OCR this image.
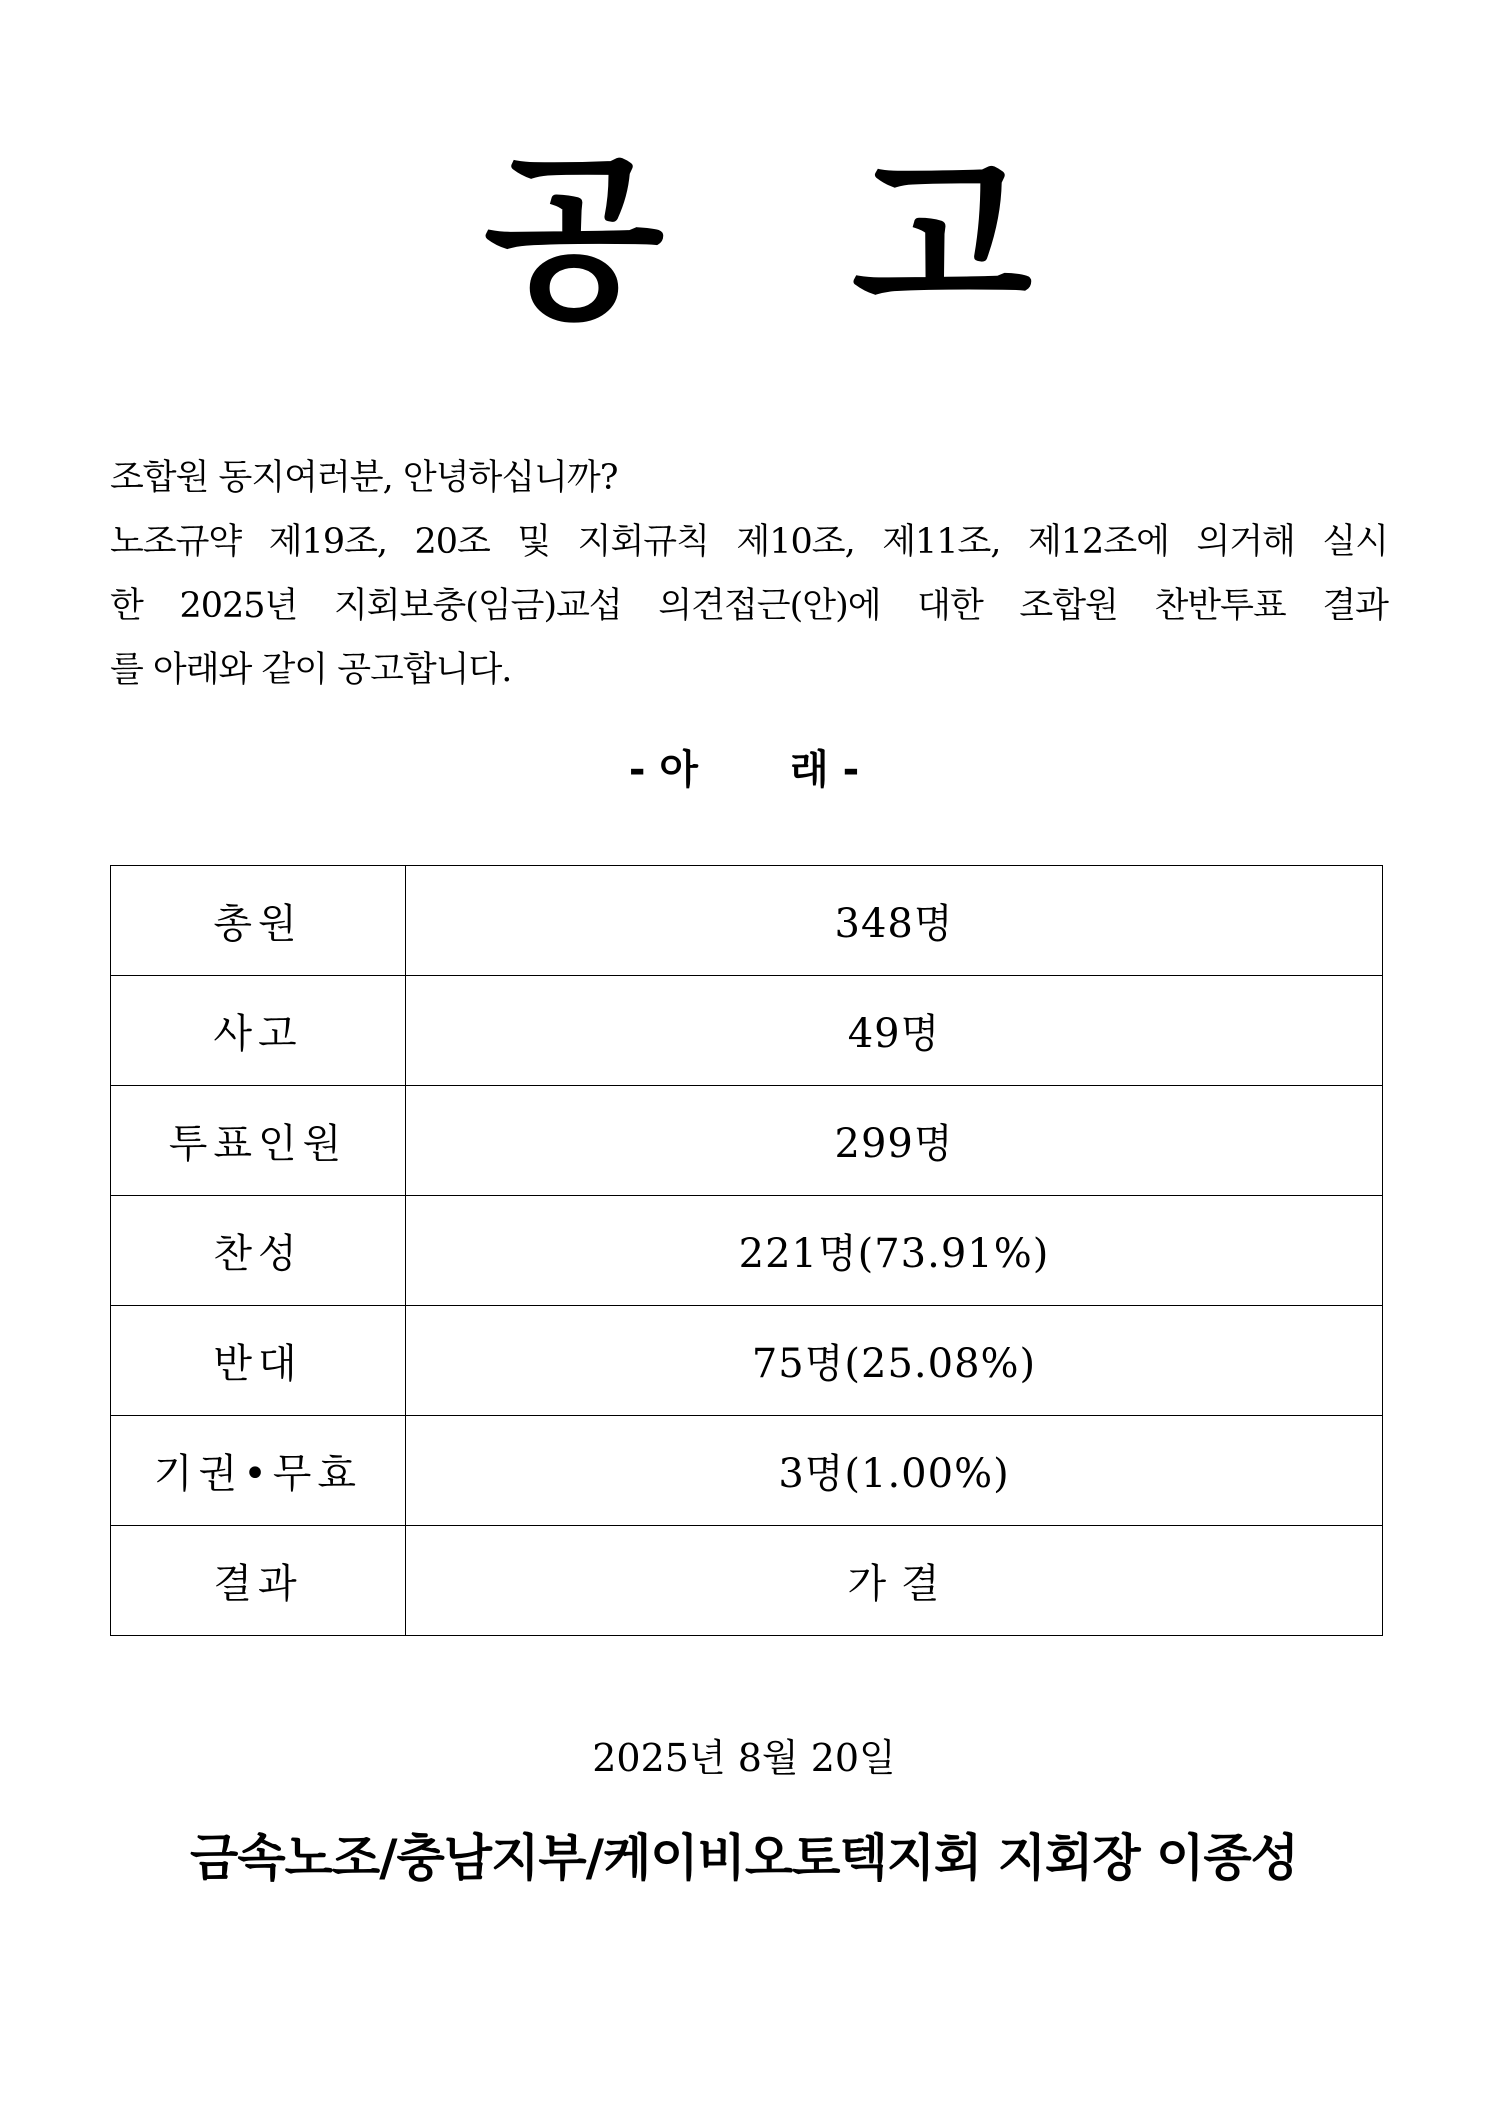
공 고

조합원 동지여러분, 안녕하십니까?

노조규약 제19조, 20조 및 지회규칙 제10조, 제11조, 제12조에 의거해 실시

한 2025년 지회보충(임금)교섭 의견접근(안)에 대한 조합원 찬반투표 결과

를 아래와 같이 공고합니다.

- 아 래 -
총원	348명
사고	49명
투표인원	299명
찬성	221명(73.91%)
반대	75명(25.08%)
기권•무효	3명(1.00%)
결과	가 결
2025년 8월 20일
금속노조/충남지부/케이비오토텍지회 지회장 이종성
